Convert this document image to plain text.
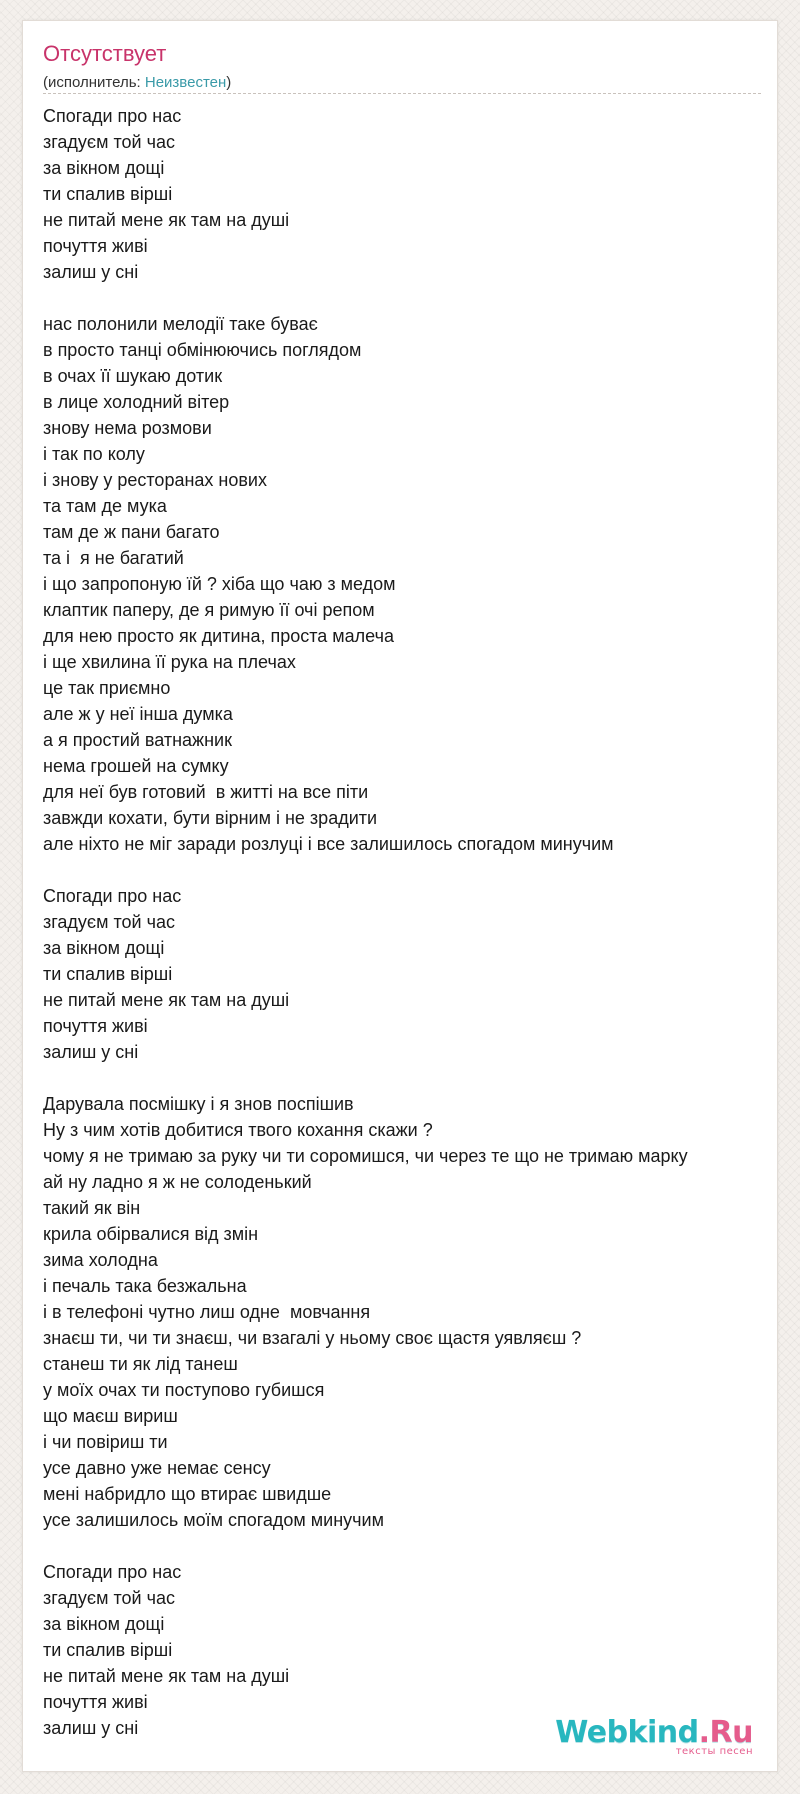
Отсутствует
(исполнитель: Неизвестен)
Спогади про нас
згадуєм той час
за вікном дощі
ти спалив вірші
не питай мене як там на душі
почуття живі
залиш у сні
нас полонили мелодії таке буває
в просто танці обмінюючись поглядом
в очах її шукаю дотик
в лице холодний вітер
знову нема розмови
і так по колу
і знову у ресторанах нових
та там де мука
там де ж пани багато
та і  я не багатий
і що запропоную їй ? хіба що чаю з медом
клаптик паперу, де я римую її очі репом
для нею просто як дитина, проста малеча
і ще хвилина її рука на плечах
це так приємно
але ж у неї інша думка
а я простий ватнажник
нема грошей на сумку
для неї був готовий  в житті на все піти
завжди кохати, бути вірним і не зрадити
але ніхто не міг заради розлуці і все залишилось спогадом минучим
Спогади про нас
згадуєм той час
за вікном дощі
ти спалив вірші
не питай мене як там на душі
почуття живі
залиш у сні
Дарувала посмішку і я знов поспішив
Ну з чим хотів добитися твого кохання скажи ?
чому я не тримаю за руку чи ти соромишся, чи через те що не тримаю марку
ай ну ладно я ж не солоденький
такий як він
крила обірвалися від змін
зима холодна
і печаль така безжальна
і в телефоні чутно лиш одне  мовчання
знаєш ти, чи ти знаєш, чи взагалі у ньому своє щастя уявляєш ?
станеш ти як лід танеш
у моїх очах ти поступово губишся
що маєш вириш
і чи повіриш ти
усе давно уже немає сенсу
мені набридло що втирає швидше
усе залишилось моїм спогадом минучим
Спогади про нас
згадуєм той час
за вікном дощі
ти спалив вірші
не питай мене як там на душі
почуття живі
залиш у сні	Webkind.Ru
тексты песен
